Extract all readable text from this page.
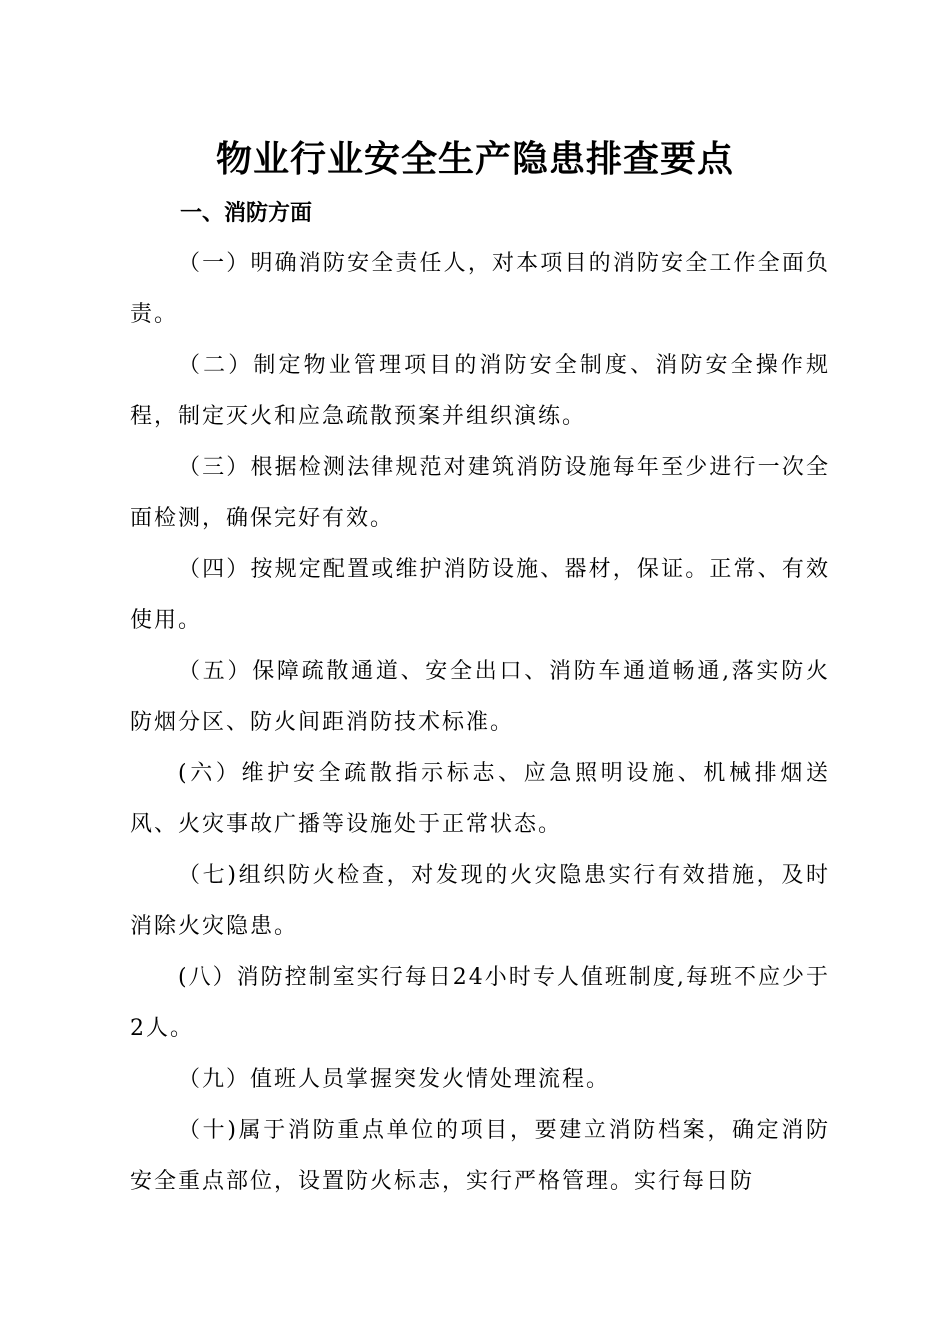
物业行业安全生产隐患排查要点
一、消防方面

（一）明确消防安全责任人，对本项目的消防安全工作全面负责。

（二）制定物业管理项目的消防安全制度、消防安全操作规程，制定灭火和应急疏散预案并组织演练。

（三）根据检测法律规范对建筑消防设施每年至少进行一次全面检测，确保完好有效。

（四）按规定配置或维护消防设施、器材，保证。正常、有效使用。

（五）保障疏散通道、安全出口、消防车通道畅通,落实防火防烟分区、防火间距消防技术标准。

(六）维护安全疏散指示标志、应急照明设施、机械排烟送风、火灾事故广播等设施处于正常状态。

（七)组织防火检查，对发现的火灾隐患实行有效措施，及时消除火灾隐患。

(八）消防控制室实行每日24小时专人值班制度,每班不应少于2人。

（九）值班人员掌握突发火情处理流程。

（十)属于消防重点单位的项目，要建立消防档案，确定消防安全重点部位，设置防火标志，实行严格管理。实行每日防
